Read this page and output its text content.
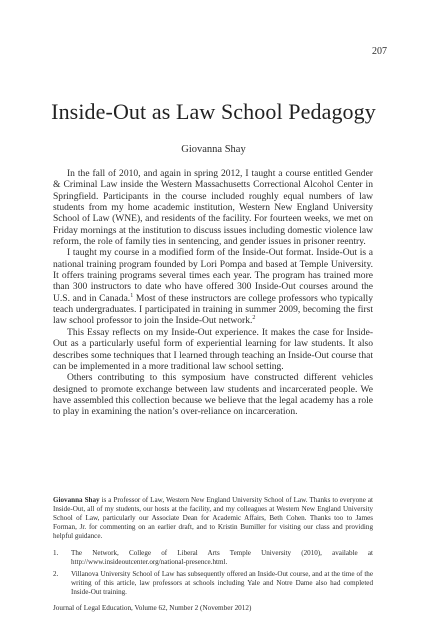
207
Inside-Out as Law School Pedagogy
Giovanna Shay

In the fall of 2010, and again in spring 2012, I taught a course entitled Gender & Criminal Law inside the Western Massachusetts Correctional Alcohol Center in Springfield. Participants in the course included roughly equal numbers of law students from my home academic institution, Western New England University School of Law (WNE), and residents of the facility. For fourteen weeks, we met on Friday mornings at the institution to discuss issues including domestic violence law reform, the role of family ties in sentencing, and gender issues in prisoner reentry.

I taught my course in a modified form of the Inside-Out format. Inside-Out is a national training program founded by Lori Pompa and based at Temple University. It offers training programs several times each year. The program has trained more than 300 instructors to date who have offered 300 Inside-Out courses around the U.S. and in Canada.$^1$ Most of these instructors are college professors who typically teach undergraduates. I participated in training in summer 2009, becoming the first law school professor to join the Inside-Out network.$^2$

This Essay reflects on my Inside-Out experience. It makes the case for Inside-Out as a particularly useful form of experiential learning for law students. It also describes some techniques that I learned through teaching an Inside-Out course that can be implemented in a more traditional law school setting.

Others contributing to this symposium have constructed different vehicles designed to promote exchange between law students and incarcerated people. We have assembled this collection because we believe that the legal academy has a role to play in examining the nation’s over-reliance on incarceration.

Giovanna Shay is a Professor of Law, Western New England University School of Law. Thanks to everyone at Inside-Out, all of my students, our hosts at the facility, and my colleagues at Western New England University School of Law, particularly our Associate Dean for Academic Affairs, Beth Cohen. Thanks too to James Forman, Jr. for commenting on an earlier draft, and to Kristin Bumiller for visiting our class and providing helpful guidance.
1.	The Network, College of Liberal Arts Temple University (2010), available at http://www.insideoutcenter.org/national-presence.html.
2.	Villanova University School of Law has subsequently offered an Inside-Out course, and at the time of the writing of this article, law professors at schools including Yale and Notre Dame also had completed Inside-Out training.
Journal of Legal Education, Volume 62, Number 2 (November 2012)
